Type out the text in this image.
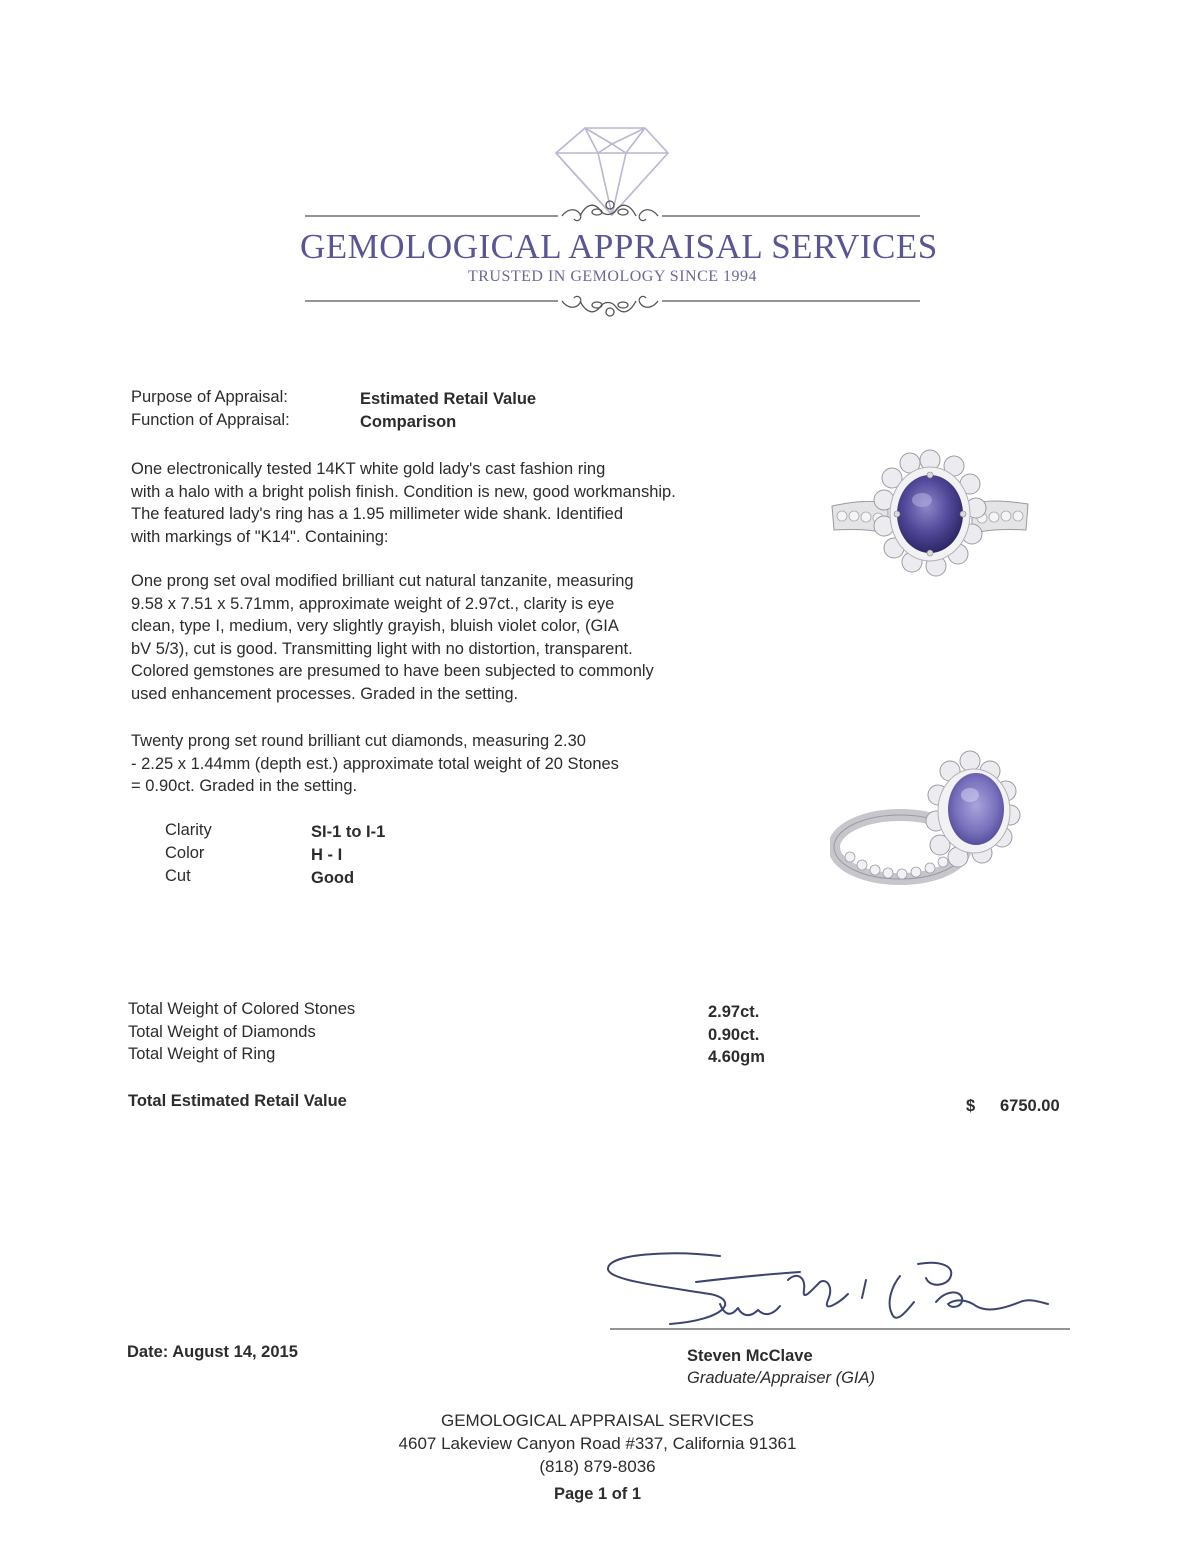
GEMOLOGICAL APPRAISAL SERVICES
TRUSTED IN GEMOLOGY SINCE 1994
Purpose of Appraisal:	Estimated Retail Value
Function of Appraisal:	Comparison
One electronically tested 14KT white gold lady's cast fashion ring
with a halo with a bright polish finish. Condition is new, good workmanship.
The featured lady's ring has a 1.95 millimeter wide shank. Identified
with markings of "K14". Containing:
One prong set oval modified brilliant cut natural tanzanite, measuring
9.58 x 7.51 x 5.71mm, approximate weight of 2.97ct., clarity is eye
clean, type I, medium, very slightly grayish, bluish violet color, (GIA
bV 5/3), cut is good. Transmitting light with no distortion, transparent.
Colored gemstones are presumed to have been subjected to commonly
used enhancement processes. Graded in the setting.
Twenty prong set round brilliant cut diamonds, measuring 2.30
- 2.25 x 1.44mm (depth est.) approximate total weight of 20 Stones
= 0.90ct. Graded in the setting.
Clarity	SI-1 to I-1
Color	H - I
Cut	Good
Total Weight of Colored Stones	2.97ct.
Total Weight of Diamonds	0.90ct.
Total Weight of Ring	4.60gm
Total Estimated Retail Value	$ 6750.00
Date: August 14, 2015	Steven McClave
Graduate/Appraiser (GIA)
GEMOLOGICAL APPRAISAL SERVICES
4607 Lakeview Canyon Road #337, California 91361
(818) 879-8036
Page 1 of 1
